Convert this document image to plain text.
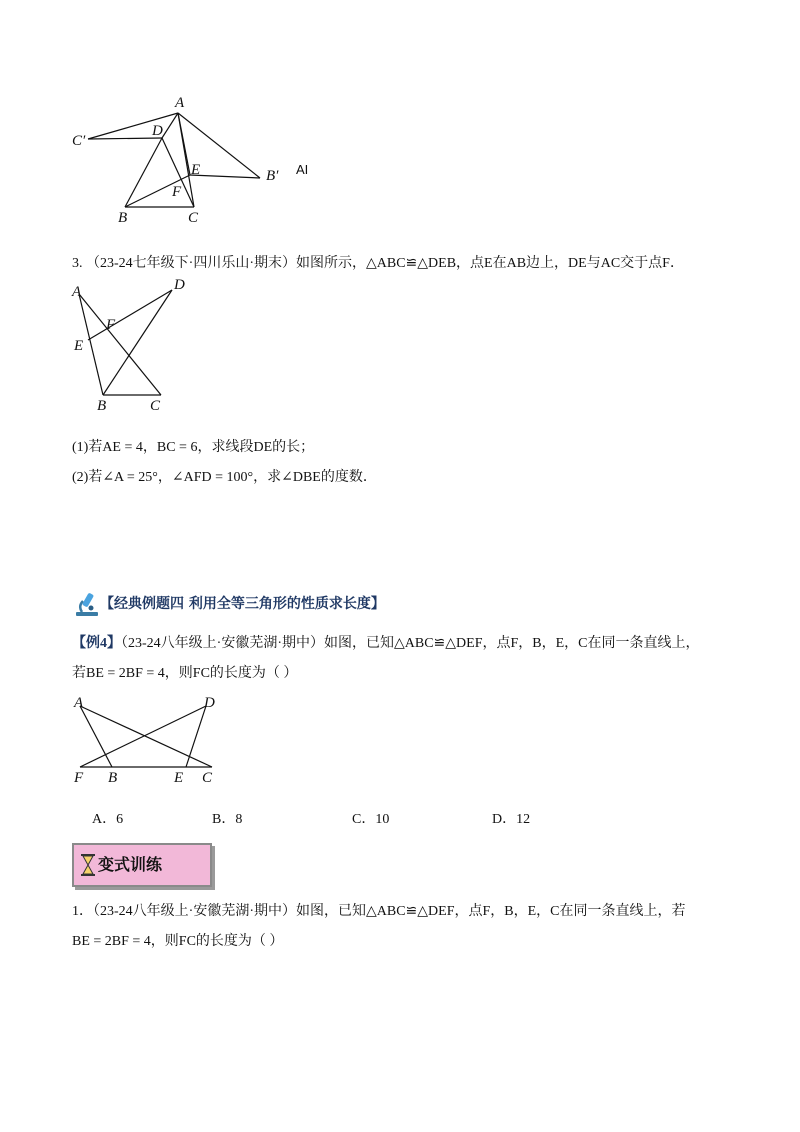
A
C′
D
E	B′
F
B	C
AI
3. （23-24七年级下·四川乐山·期末）如图所示，△ABC≌△DEB，点E在AB边上，DE与AC交于点F．
A	D
F
E
B	C
(1)若AE = 4，BC = 6，求线段DE的长；
(2)若∠A = 25°，∠AFD = 100°，求∠DBE的度数．
【经典例题四 利用全等三角形的性质求长度】
【例4】（23-24八年级上·安徽芜湖·期中）如图，已知△ABC≌△DEF，点F，B，E，C在同一条直线上，
若BE = 2BF = 4，则FC的长度为（ ）
A	D
F B	E C
A．6	B．8	C．10	D．12
变式训练
1．（23-24八年级上·安徽芜湖·期中）如图，已知△ABC≌△DEF，点F，B，E，C在同一条直线上，若
BE = 2BF = 4，则FC的长度为（ ）
